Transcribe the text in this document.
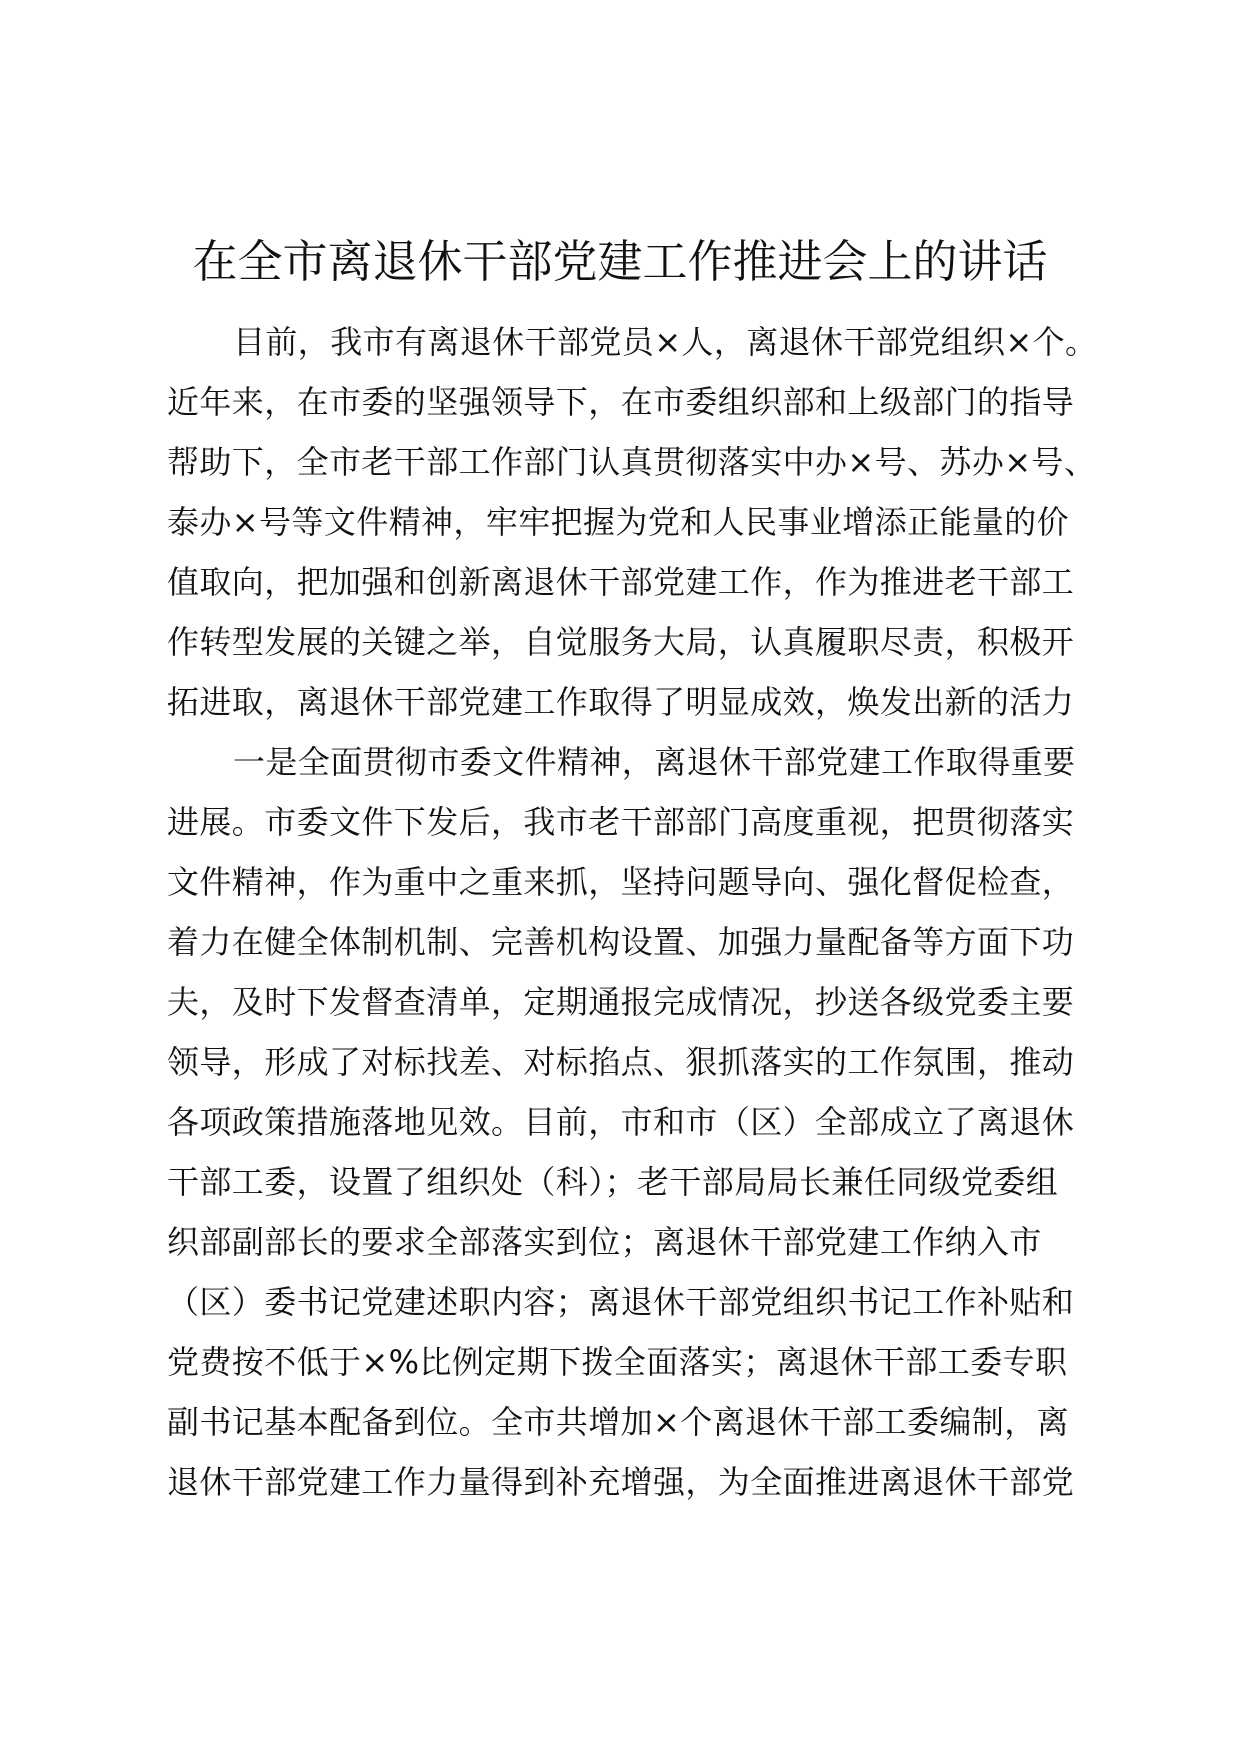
在全市离退休干部党建工作推进会上的讲话
目前，我市有离退休干部党员×人，离退休干部党组织×个。
近年来，在市委的坚强领导下，在市委组织部和上级部门的指导
帮助下，全市老干部工作部门认真贯彻落实中办×号、苏办×号、
泰办×号等文件精神，牢牢把握为党和人民事业增添正能量的价
值取向，把加强和创新离退休干部党建工作，作为推进老干部工
作转型发展的关键之举，自觉服务大局，认真履职尽责，积极开
拓进取，离退休干部党建工作取得了明显成效，焕发出新的活力
一是全面贯彻市委文件精神，离退休干部党建工作取得重要
进展。市委文件下发后，我市老干部部门高度重视，把贯彻落实
文件精神，作为重中之重来抓，坚持问题导向、强化督促检查，
着力在健全体制机制、完善机构设置、加强力量配备等方面下功
夫，及时下发督查清单，定期通报完成情况，抄送各级党委主要
领导，形成了对标找差、对标掐点、狠抓落实的工作氛围，推动
各项政策措施落地见效。目前，市和市（区）全部成立了离退休
干部工委，设置了组织处（科）；老干部局局长兼任同级党委组
织部副部长的要求全部落实到位；离退休干部党建工作纳入市
（区）委书记党建述职内容；离退休干部党组织书记工作补贴和
党费按不低于×%比例定期下拨全面落实；离退休干部工委专职
副书记基本配备到位。全市共增加×个离退休干部工委编制，离
退休干部党建工作力量得到补充增强，为全面推进离退休干部党
